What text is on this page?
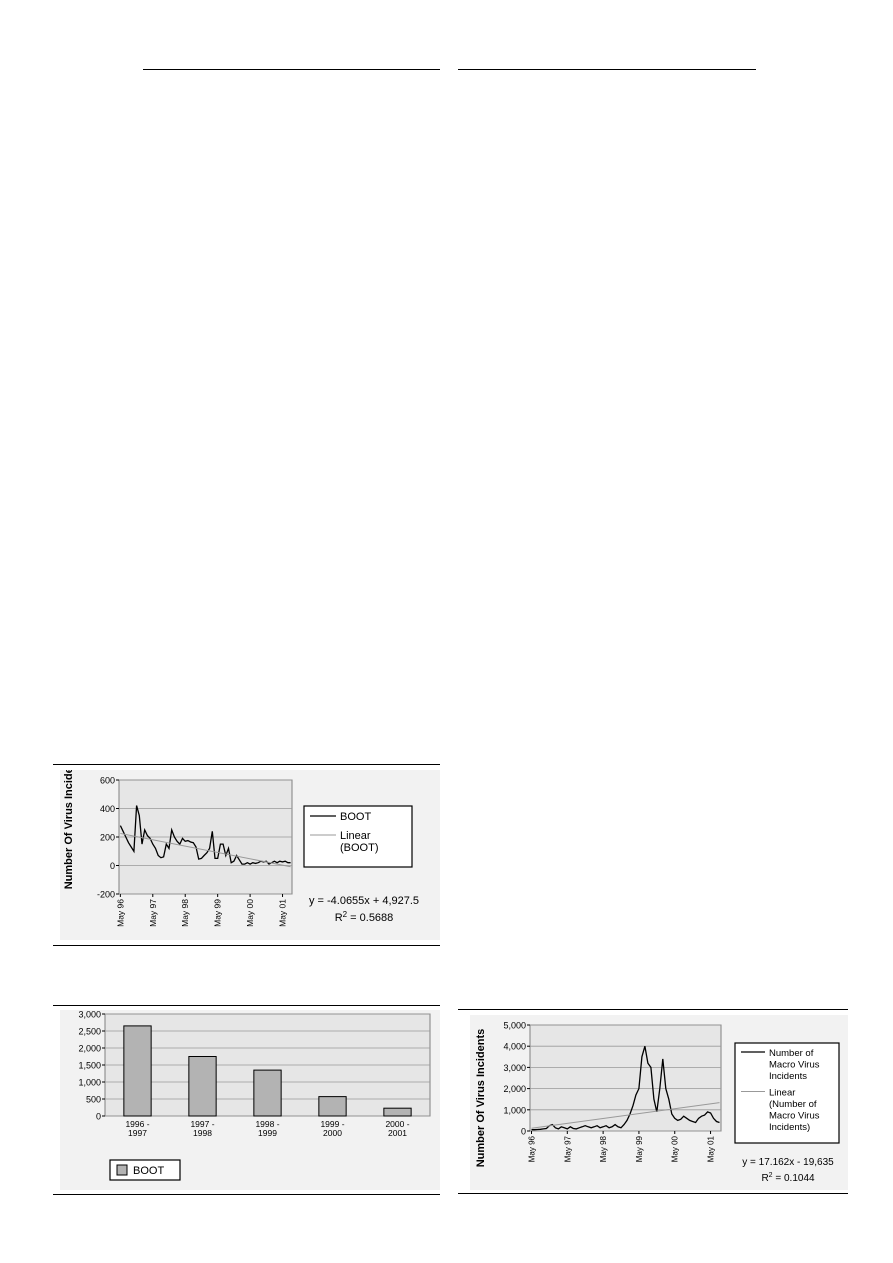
-200
0
200
400
600
May 96	May 97	May 98	May 99	May 00	May 01
Number Of Virus Incidents	BOOT
Linear
(BOOT)
y = -4.0655x + 4,927.5
$R^2 = 0.5688$
0
500
1,000
1,500
2,000
2,500
3,000
1996 -
1997
1997 -
1998
1998 -
1999
1999 -
2000
2000 -
2001
BOOT
0
1,000
2,000
3,000
4,000
5,000
May 96	May 97	May 98	May 99	May 00	May 01
Number Of Virus Incidents	Number of
Macro Virus
Incidents
Linear
(Number of
Macro Virus
Incidents)
y = 17.162x - 19,635
$R^2 = 0.1044$
